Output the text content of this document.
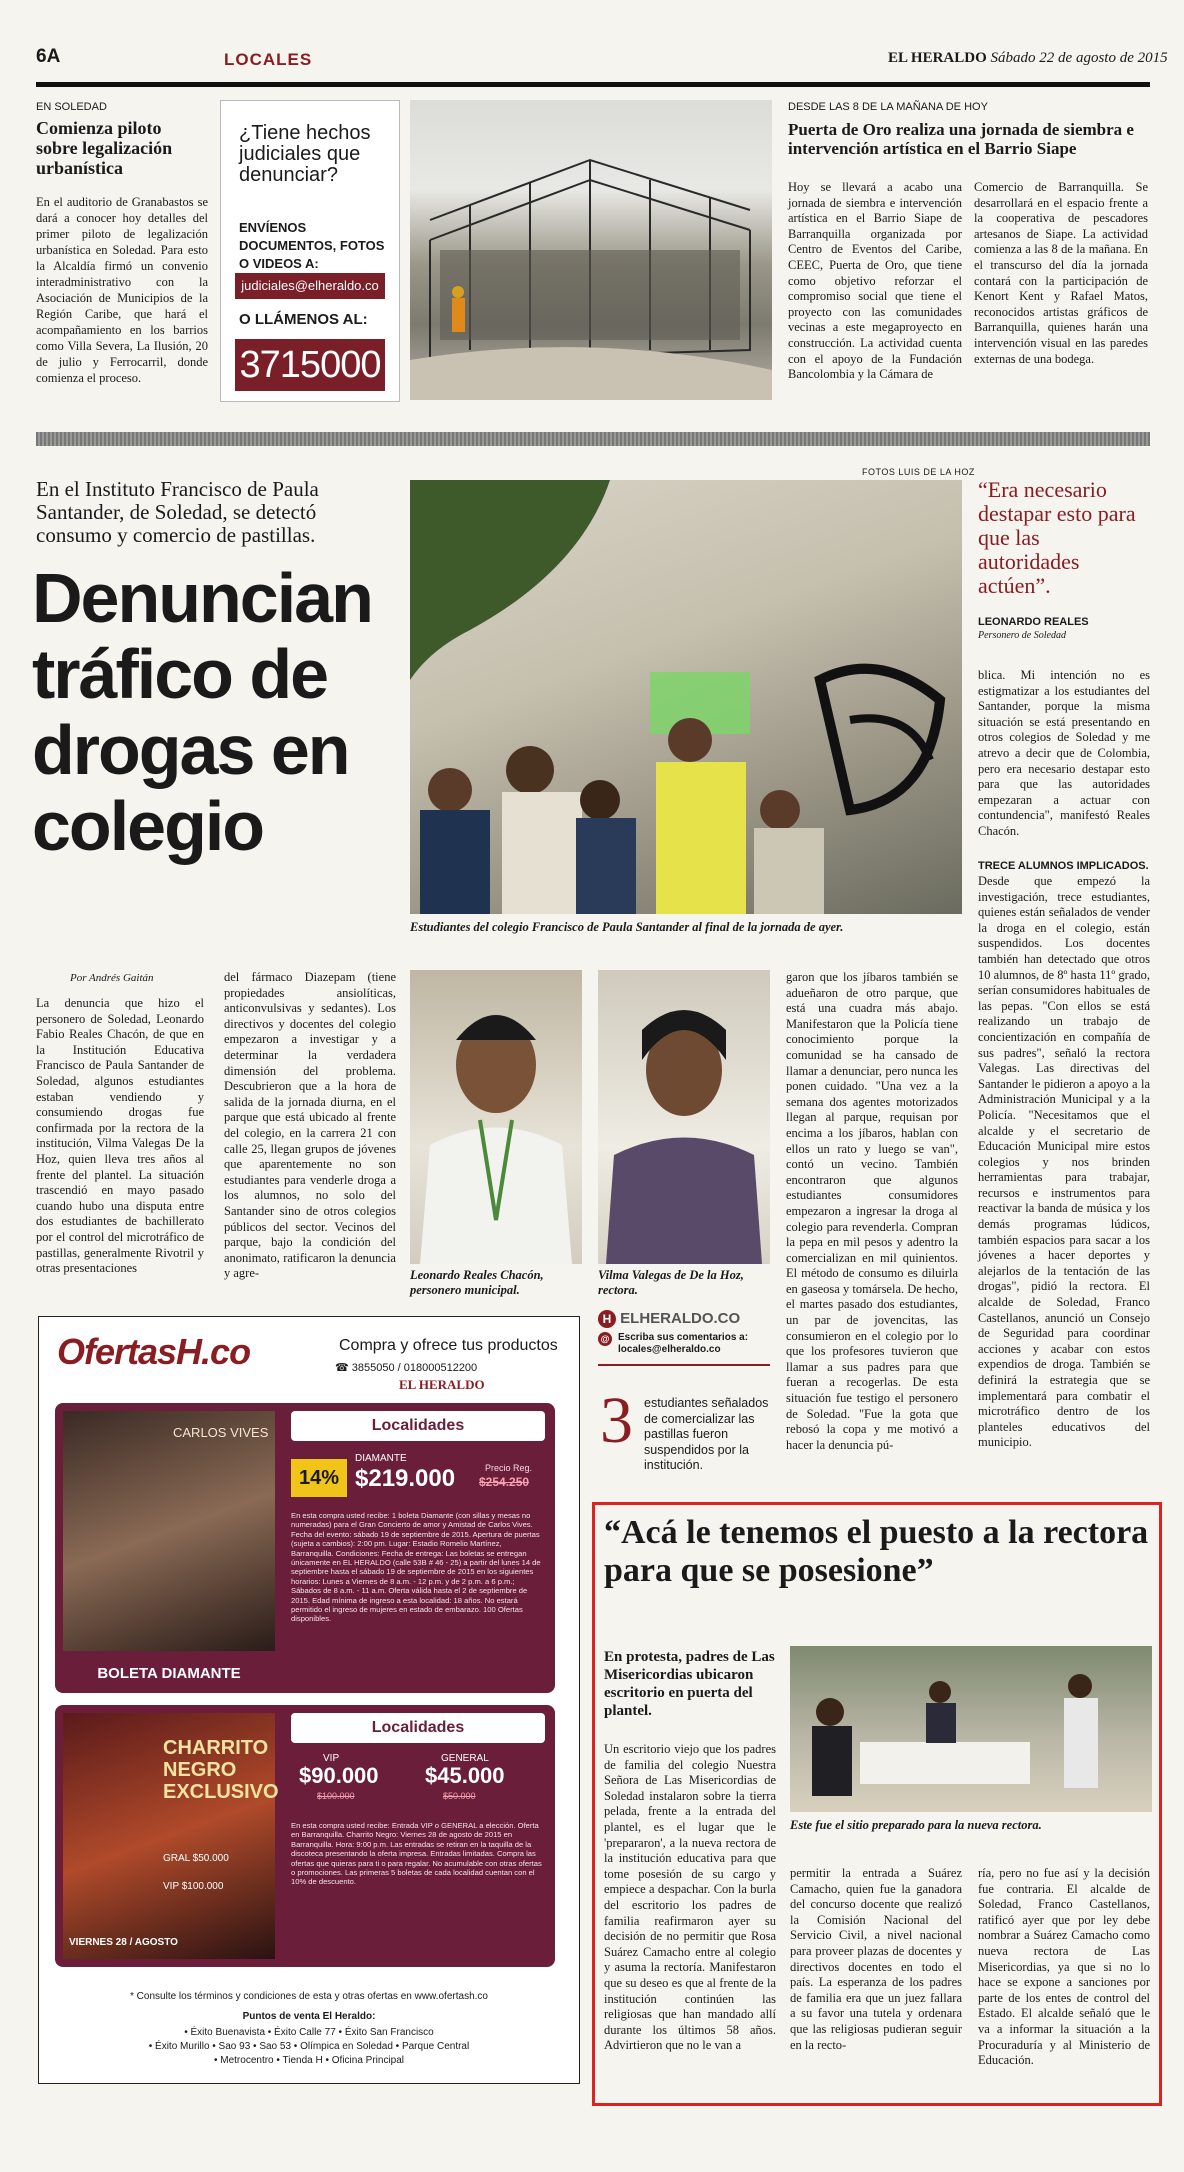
6A	LOCALES	EL HERALDO Sábado 22 de agosto de 2015
EN SOLEDAD
Comienza piloto sobre legalización urbanística
En el auditorio de Granabastos se dará a conocer hoy detalles del primer piloto de legalización urbanística en Soledad. Para esto la Alcaldía firmó un convenio interadministrativo con la Asociación de Municipios de la Región Caribe, que hará el acompañamiento en los barrios como Villa Severa, La Ilusión, 20 de julio y Ferrocarril, donde comienza el proceso.
¿Tiene hechos judiciales que denunciar?
ENVÍENOS DOCUMENTOS, FOTOS O VIDEOS A:
judiciales@elheraldo.co
O LLÁMENOS AL:
3715000
DESDE LAS 8 DE LA MAÑANA DE HOY
Puerta de Oro realiza una jornada de siembra e intervención artística en el Barrio Siape
Hoy se llevará a acabo una jornada de siembra e intervención artística en el Barrio Siape de Barranquilla organizada por Centro de Eventos del Caribe, CEEC, Puerta de Oro, que tiene como objetivo reforzar el compromiso social que tiene el proyecto con las comunidades vecinas a este megaproyecto en construcción. La actividad cuenta con el apoyo de la Fundación Bancolombia y la Cámara de
Comercio de Barranquilla. Se desarrollará en el espacio frente a la cooperativa de pescadores artesanos de Siape. La actividad comienza a las 8 de la mañana. En el transcurso del día la jornada contará con la participación de Kenort Kent y Rafael Matos, reconocidos artistas gráficos de Barranquilla, quienes harán una intervención visual en las paredes externas de una bodega.
En el Instituto Francisco de Paula Santander, de Soledad, se detectó consumo y comercio de pastillas.
Denuncian tráfico de drogas en colegio
FOTOS LUIS DE LA HOZ
Estudiantes del colegio Francisco de Paula Santander al final de la jornada de ayer.
“Era necesario destapar esto para que las autoridades actúen”.
LEONARDO REALES
Personero de Soledad
blica. Mi intención no es estigmatizar a los estudiantes del Santander, porque la misma situación se está presentando en otros colegios de Soledad y me atrevo a decir que de Colombia, pero era necesario destapar esto para que las autoridades empezaran a actuar con contundencia", manifestó Reales Chacón.
TRECE ALUMNOS IMPLICADOS.
Desde que empezó la investigación, trece estudiantes, quienes están señalados de vender la droga en el colegio, están suspendidos. Los docentes también han detectado que otros 10 alumnos, de 8º hasta 11º grado, serían consumidores habituales de las pepas. "Con ellos se está realizando un trabajo de concientización en compañía de sus padres", señaló la rectora Valegas. Las directivas del Santander le pidieron a apoyo a la Administración Municipal y a la Policía. "Necesitamos que el alcalde y el secretario de Educación Municipal mire estos colegios y nos brinden herramientas para trabajar, recursos e instrumentos para reactivar la banda de música y los demás programas lúdicos, también espacios para sacar a los jóvenes a hacer deportes y alejarlos de la tentación de las drogas", pidió la rectora. El alcalde de Soledad, Franco Castellanos, anunció un Consejo de Seguridad para coordinar acciones y acabar con estos expendios de droga. También se definirá la estrategia que se implementará para combatir el microtráfico dentro de los planteles educativos del municipio.
Por Andrés Gaitán
La denuncia que hizo el personero de Soledad, Leonardo Fabio Reales Chacón, de que en la Institución Educativa Francisco de Paula Santander de Soledad, algunos estudiantes estaban vendiendo y consumiendo drogas fue confirmada por la rectora de la institución, Vilma Valegas De la Hoz, quien lleva tres años al frente del plantel. La situación trascendió en mayo pasado cuando hubo una disputa entre dos estudiantes de bachillerato por el control del microtráfico de pastillas, generalmente Rivotril y otras presentaciones
del fármaco Diazepam (tiene propiedades ansiolíticas, anticonvulsivas y sedantes). Los directivos y docentes del colegio empezaron a investigar y a determinar la verdadera dimensión del problema. Descubrieron que a la hora de salida de la jornada diurna, en el parque que está ubicado al frente del colegio, en la carrera 21 con calle 25, llegan grupos de jóvenes que aparentemente no son estudiantes para venderle droga a los alumnos, no solo del Santander sino de otros colegios públicos del sector. Vecinos del parque, bajo la condición del anonimato, ratificaron la denuncia y agre-	Leonardo Reales Chacón, personero municipal.
Vilma Valegas de De la Hoz, rectora.
garon que los jíbaros también se adueñaron de otro parque, que está una cuadra más abajo. Manifestaron que la Policía tiene conocimiento porque la comunidad se ha cansado de llamar a denunciar, pero nunca les ponen cuidado. "Una vez a la semana dos agentes motorizados llegan al parque, requisan por encima a los jíbaros, hablan con ellos un rato y luego se van", contó un vecino. También encontraron que algunos estudiantes consumidores empezaron a ingresar la droga al colegio para revenderla. Compran la pepa en mil pesos y adentro la comercializan en mil quinientos. El método de consumo es diluirla en gaseosa y tomársela. De hecho, el martes pasado dos estudiantes, un par de jovencitas, las consumieron en el colegio por lo que los profesores tuvieron que llamar a sus padres para que fueran a recogerlas. De esta situación fue testigo el personero de Soledad. "Fue la gota que rebosó la copa y me motivó a hacer la denuncia pú-
H ELHERALDO.CO
@ Escriba sus comentarios a: locales@elheraldo.co
3 estudiantes señalados de comercializar las pastillas fueron suspendidos por la institución.
OfertasH.co	Compra y ofrece tus productos
☎ 3855050 / 018000512200
EL HERALDO
CARLOS VIVES
BOLETA DIAMANTE
Localidades
14%
DIAMANTE
$219.000	Precio Reg.
$254.250
En esta compra usted recibe: 1 boleta Diamante (con sillas y mesas no numeradas) para el Gran Concierto de amor y Amistad de Carlos Vives. Fecha del evento: sábado 19 de septiembre de 2015. Apertura de puertas (sujeta a cambios): 2:00 pm. Lugar: Estadio Romelio Martínez, Barranquilla. Condiciones: Fecha de entrega: Las boletas se entregan únicamente en EL HERALDO (calle 53B # 46 - 25) a partir del lunes 14 de septiembre hasta el sábado 19 de septiembre de 2015 en los siguientes horarios: Lunes a Viernes de 8 a.m. - 12 p.m. y de 2 p.m. a 6 p.m.; Sábados de 8 a.m. - 11 a.m. Oferta válida hasta el 2 de septiembre de 2015. Edad mínima de ingreso a esta localidad: 18 años. No estará permitido el ingreso de mujeres en estado de embarazo. 100 Ofertas disponibles.
CHARRITO NEGRO EXCLUSIVO
GRAL $50.000
VIP $100.000
VIERNES 28 / AGOSTO
Localidades
VIP
$90.000
$100.000
GENERAL
$45.000
$50.000
En esta compra usted recibe: Entrada VIP o GENERAL a elección. Oferta en Barranquilla. Charrito Negro: Viernes 28 de agosto de 2015 en Barranquilla. Hora: 9:00 p.m. Las entradas se retiran en la taquilla de la discoteca presentando la oferta impresa. Entradas limitadas. Compra las ofertas que quieras para ti o para regalar. No acumulable con otras ofertas o promociones. Las primeras 5 boletas de cada localidad cuentan con el 10% de descuento.
* Consulte los términos y condiciones de esta y otras ofertas en www.ofertash.co
Puntos de venta El Heraldo:
• Éxito Buenavista • Éxito Calle 77 • Éxito San Francisco
• Éxito Murillo • Sao 93 • Sao 53 • Olímpica en Soledad • Parque Central
• Metrocentro • Tienda H • Oficina Principal
“Acá le tenemos el puesto a la rectora para que se posesione”
En protesta, padres de Las Misericordias ubicaron escritorio en puerta del plantel.
Este fue el sitio preparado para la nueva rectora.
Un escritorio viejo que los padres de familia del colegio Nuestra Señora de Las Misericordias de Soledad instalaron sobre la tierra pelada, frente a la entrada del plantel, es el lugar que le 'prepararon', a la nueva rectora de la institución educativa para que tome posesión de su cargo y empiece a despachar. Con la burla del escritorio los padres de familia reafirmaron ayer su decisión de no permitir que Rosa Suárez Camacho entre al colegio y asuma la rectoría. Manifestaron que su deseo es que al frente de la institución continúen las religiosas que han mandado allí durante los últimos 58 años. Advirtieron que no le van a
permitir la entrada a Suárez Camacho, quien fue la ganadora del concurso docente que realizó la Comisión Nacional del Servicio Civil, a nivel nacional para proveer plazas de docentes y directivos docentes en todo el país. La esperanza de los padres de familia era que un juez fallara a su favor una tutela y ordenara que las religiosas pudieran seguir en la recto-
ría, pero no fue así y la decisión fue contraria. El alcalde de Soledad, Franco Castellanos, ratificó ayer que por ley debe nombrar a Suárez Camacho como nueva rectora de Las Misericordias, ya que si no lo hace se expone a sanciones por parte de los entes de control del Estado. El alcalde señaló que le va a informar la situación a la Procuraduría y al Ministerio de Educación.
